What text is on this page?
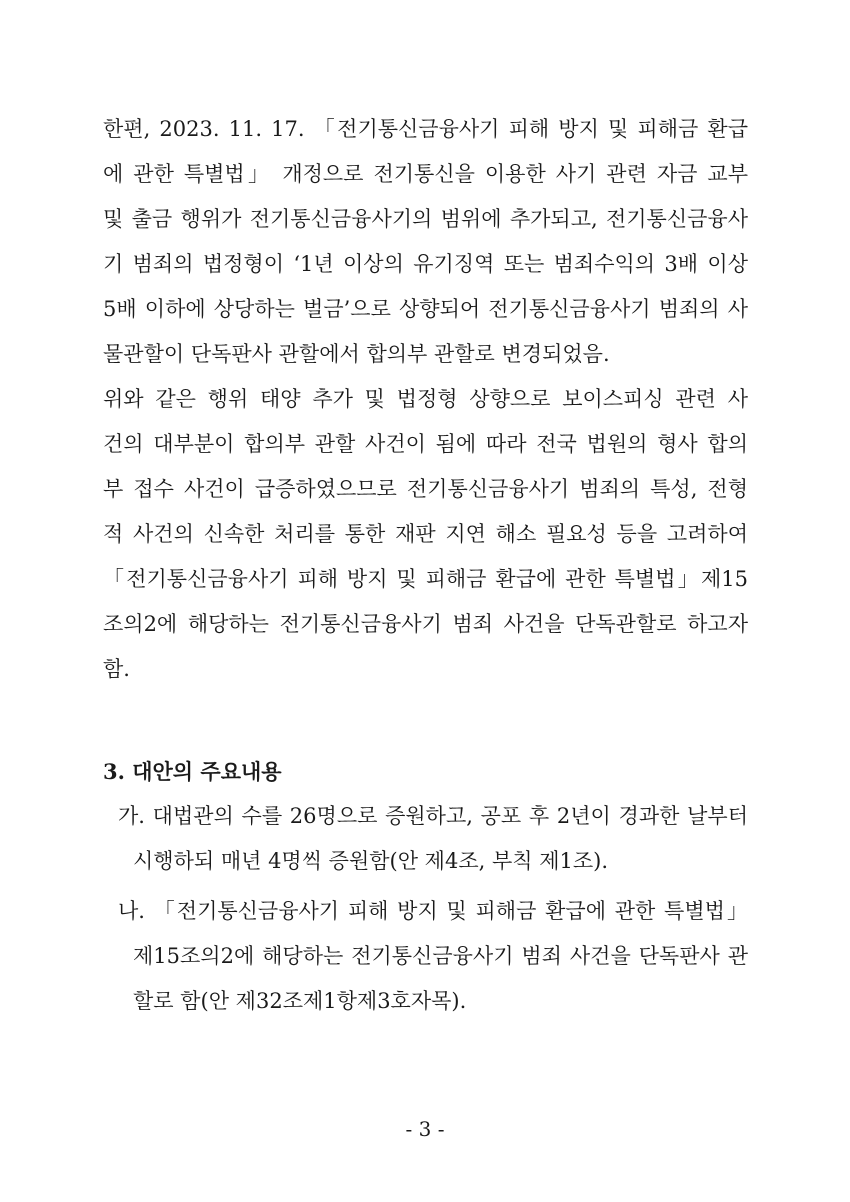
한편, 2023. 11. 17. 「전기통신금융사기 피해 방지 및 피해금 환급
에 관한 특별법」 개정으로 전기통신을 이용한 사기 관련 자금 교부
및 출금 행위가 전기통신금융사기의 범위에 추가되고, 전기통신금융사
기 범죄의 법정형이 ‘1년 이상의 유기징역 또는 범죄수익의 3배 이상
5배 이하에 상당하는 벌금’으로 상향되어 전기통신금융사기 범죄의 사
물관할이 단독판사 관할에서 합의부 관할로 변경되었음.
위와 같은 행위 태양 추가 및 법정형 상향으로 보이스피싱 관련 사
건의 대부분이 합의부 관할 사건이 됨에 따라 전국 법원의 형사 합의
부 접수 사건이 급증하였으므로 전기통신금융사기 범죄의 특성, 전형
적 사건의 신속한 처리를 통한 재판 지연 해소 필요성 등을 고려하여
「전기통신금융사기 피해 방지 및 피해금 환급에 관한 특별법」제15
조의2에 해당하는 전기통신금융사기 범죄 사건을 단독관할로 하고자
함.
3. 대안의 주요내용
가. 대법관의 수를 26명으로 증원하고, 공포 후 2년이 경과한 날부터
시행하되 매년 4명씩 증원함(안 제4조, 부칙 제1조).
나. 「전기통신금융사기 피해 방지 및 피해금 환급에 관한 특별법」
제15조의2에 해당하는 전기통신금융사기 범죄 사건을 단독판사 관
할로 함(안 제32조제1항제3호자목).
- 3 -
